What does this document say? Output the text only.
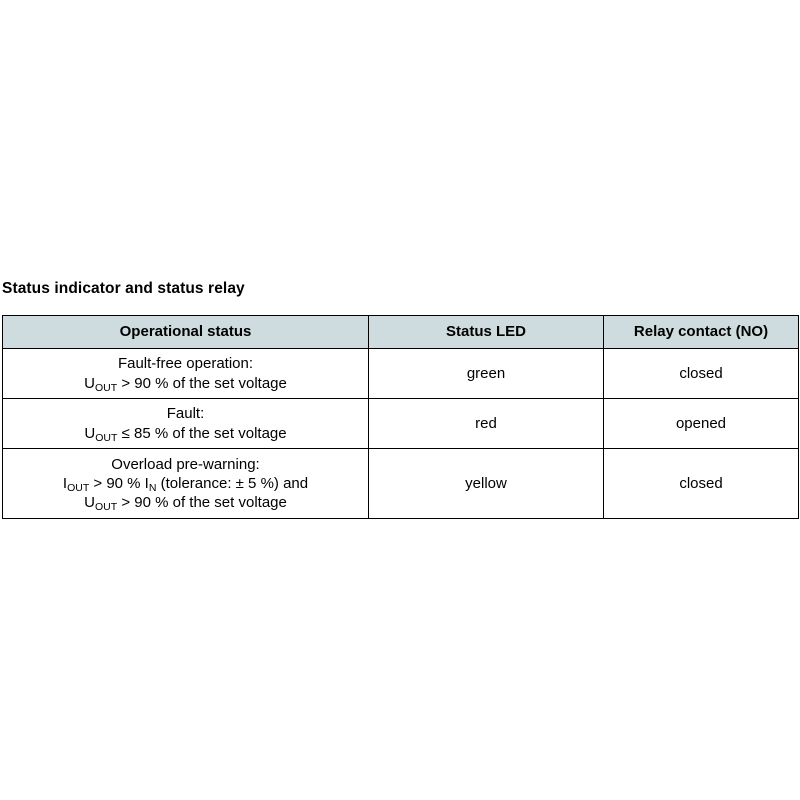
Status indicator and status relay
Operational status	Status LED	Relay contact (NO)

Fault-free operation:
$U_{OUT} > 90$ % of the set voltage	green	closed

Fault:
$U_{OUT} \le 85$ % of the set voltage	red	opened

Overload pre-warning:
$I_{OUT} > 90$ % $I_N$ (tolerance: ± 5 %) and
$U_{OUT} > 90$ % of the set voltage	yellow	closed
